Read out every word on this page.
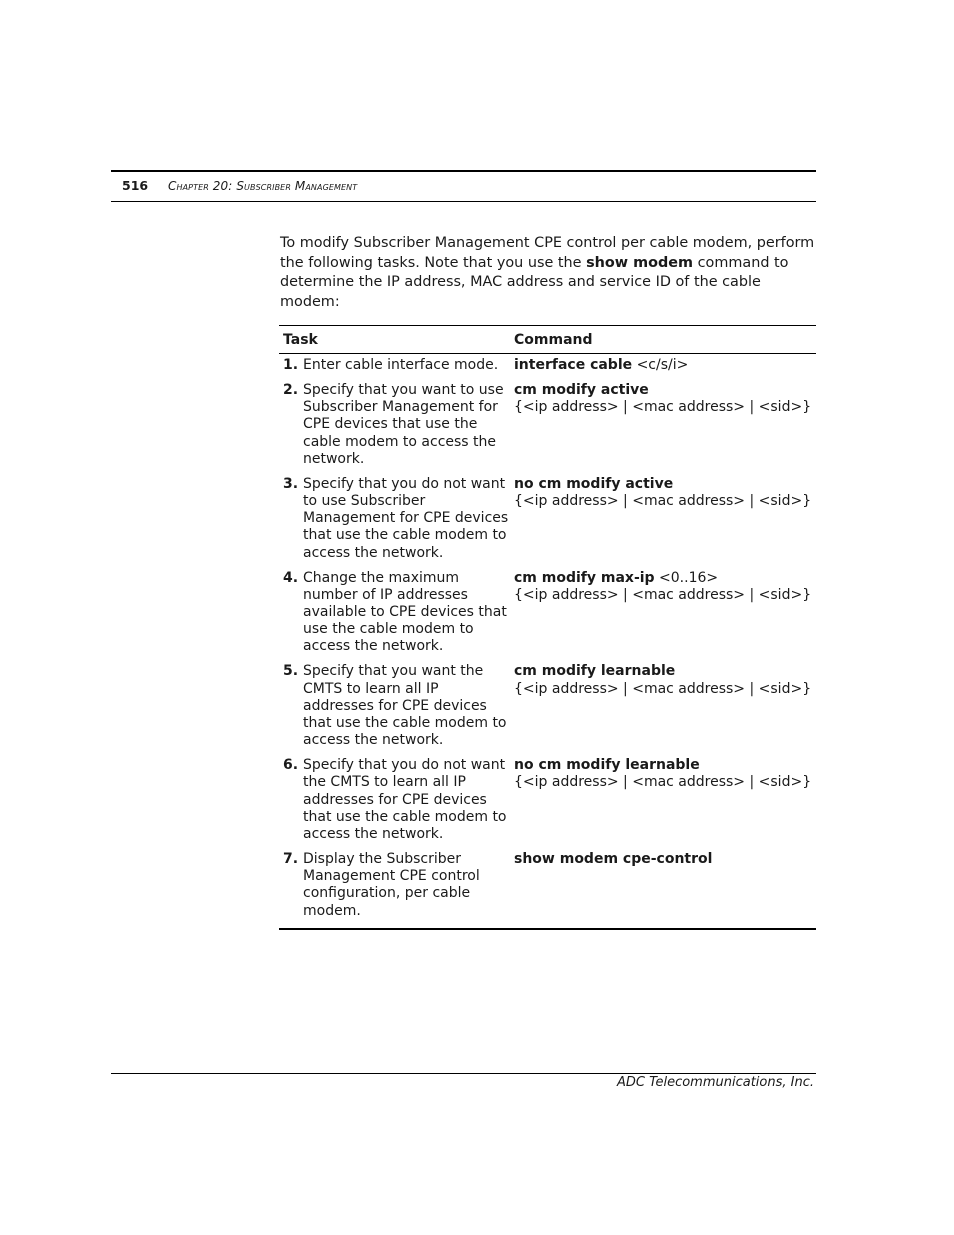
516 Chapter 20: Subscriber Management

To modify Subscriber Management CPE control per cable modem, perform the following tasks. Note that you use the show modem command to determine the IP address, MAC address and service ID of the cable modem:

Task	Command
1. Enter cable interface mode.	interface cable <c/s/i>
2. Specify that you want to use Subscriber Management for CPE devices that use the cable modem to access the network.
cm modify active
{<ip address> | <mac address> | <sid>}
3. Specify that you do not want to use Subscriber Management for CPE devices that use the cable modem to access the network.
no cm modify active
{<ip address> | <mac address> | <sid>}
4. Change the maximum number of IP addresses available to CPE devices that use the cable modem to access the network.
cm modify max-ip <0..16>
{<ip address> | <mac address> | <sid>}
5. Specify that you want the CMTS to learn all IP addresses for CPE devices that use the cable modem to access the network.
cm modify learnable
{<ip address> | <mac address> | <sid>}
6. Specify that you do not want the CMTS to learn all IP addresses for CPE devices that use the cable modem to access the network.
no cm modify learnable
{<ip address> | <mac address> | <sid>}
7. Display the Subscriber Management CPE control configuration, per cable modem.
show modem cpe-control
ADC Telecommunications, Inc.
